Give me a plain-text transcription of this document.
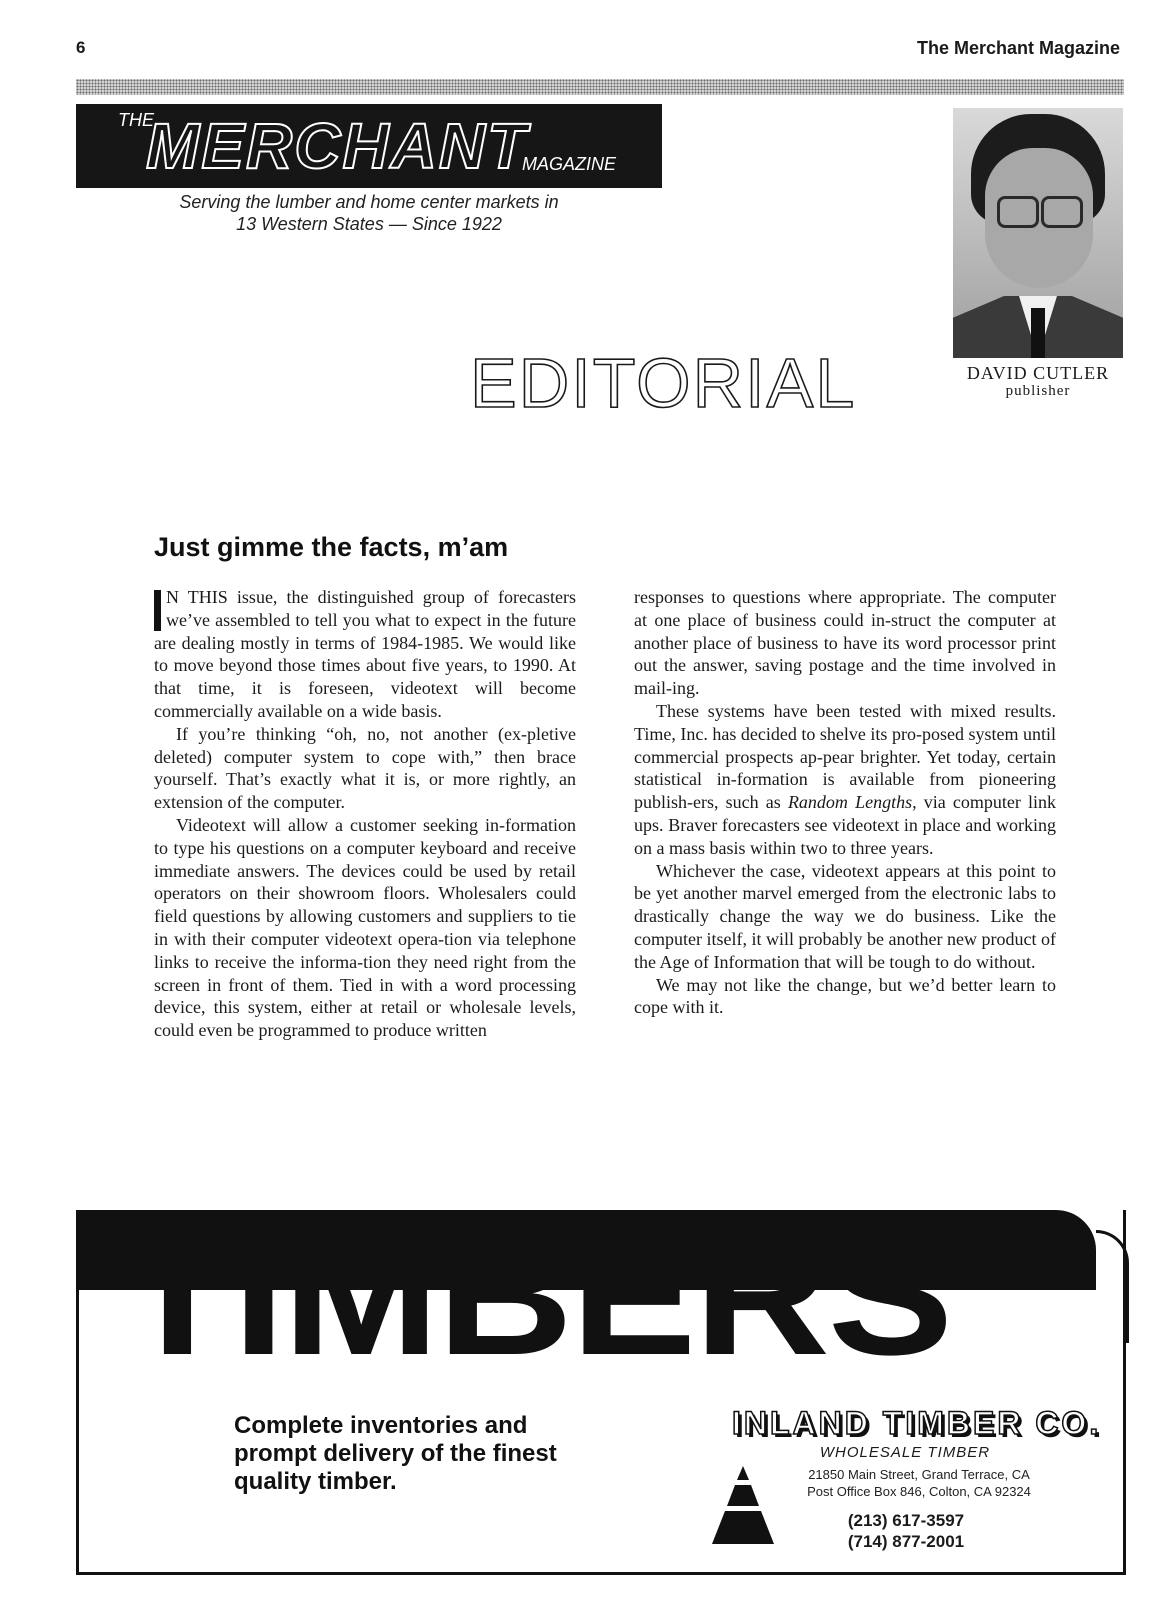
6	The Merchant Magazine
THE
MERCHANT
MAGAZINE
Serving the lumber and home center markets in
13 Western States — Since 1922
EDITORIAL	DAVID CUTLER
publisher
Just gimme the facts, m’am

N THIS issue, the distinguished group of forecasters we’ve assembled to tell you what to expect in the future are dealing mostly in terms of 1984-1985. We would like to move beyond those times about five years, to 1990. At that time, it is foreseen, videotext will become commercially available on a wide basis.

If you’re thinking “oh, no, not another (ex-pletive deleted) computer system to cope with,” then brace yourself. That’s exactly what it is, or more rightly, an extension of the computer.

Videotext will allow a customer seeking in-formation to type his questions on a computer keyboard and receive immediate answers. The devices could be used by retail operators on their showroom floors. Wholesalers could field questions by allowing customers and suppliers to tie in with their computer videotext opera-tion via telephone links to receive the informa-tion they need right from the screen in front of them. Tied in with a word processing device, this system, either at retail or wholesale levels, could even be programmed to produce written

responses to questions where appropriate. The computer at one place of business could in-struct the computer at another place of business to have its word processor print out the answer, saving postage and the time involved in mail-ing.

These systems have been tested with mixed results. Time, Inc. has decided to shelve its pro-posed system until commercial prospects ap-pear brighter. Yet today, certain statistical in-formation is available from pioneering publish-ers, such as Random Lengths, via computer link ups. Braver forecasters see videotext in place and working on a mass basis within two to three years.

Whichever the case, videotext appears at this point to be yet another marvel emerged from the electronic labs to drastically change the way we do business. Like the computer itself, it will probably be another new product of the Age of Information that will be tough to do without.

We may not like the change, but we’d better learn to cope with it.

TIMBERS
Complete inventories and
prompt delivery of the finest
quality timber.
INLAND TIMBER CO.
WHOLESALE TIMBER
21850 Main Street, Grand Terrace, CA
Post Office Box 846, Colton, CA 92324
(213) 617-3597
(714) 877-2001
